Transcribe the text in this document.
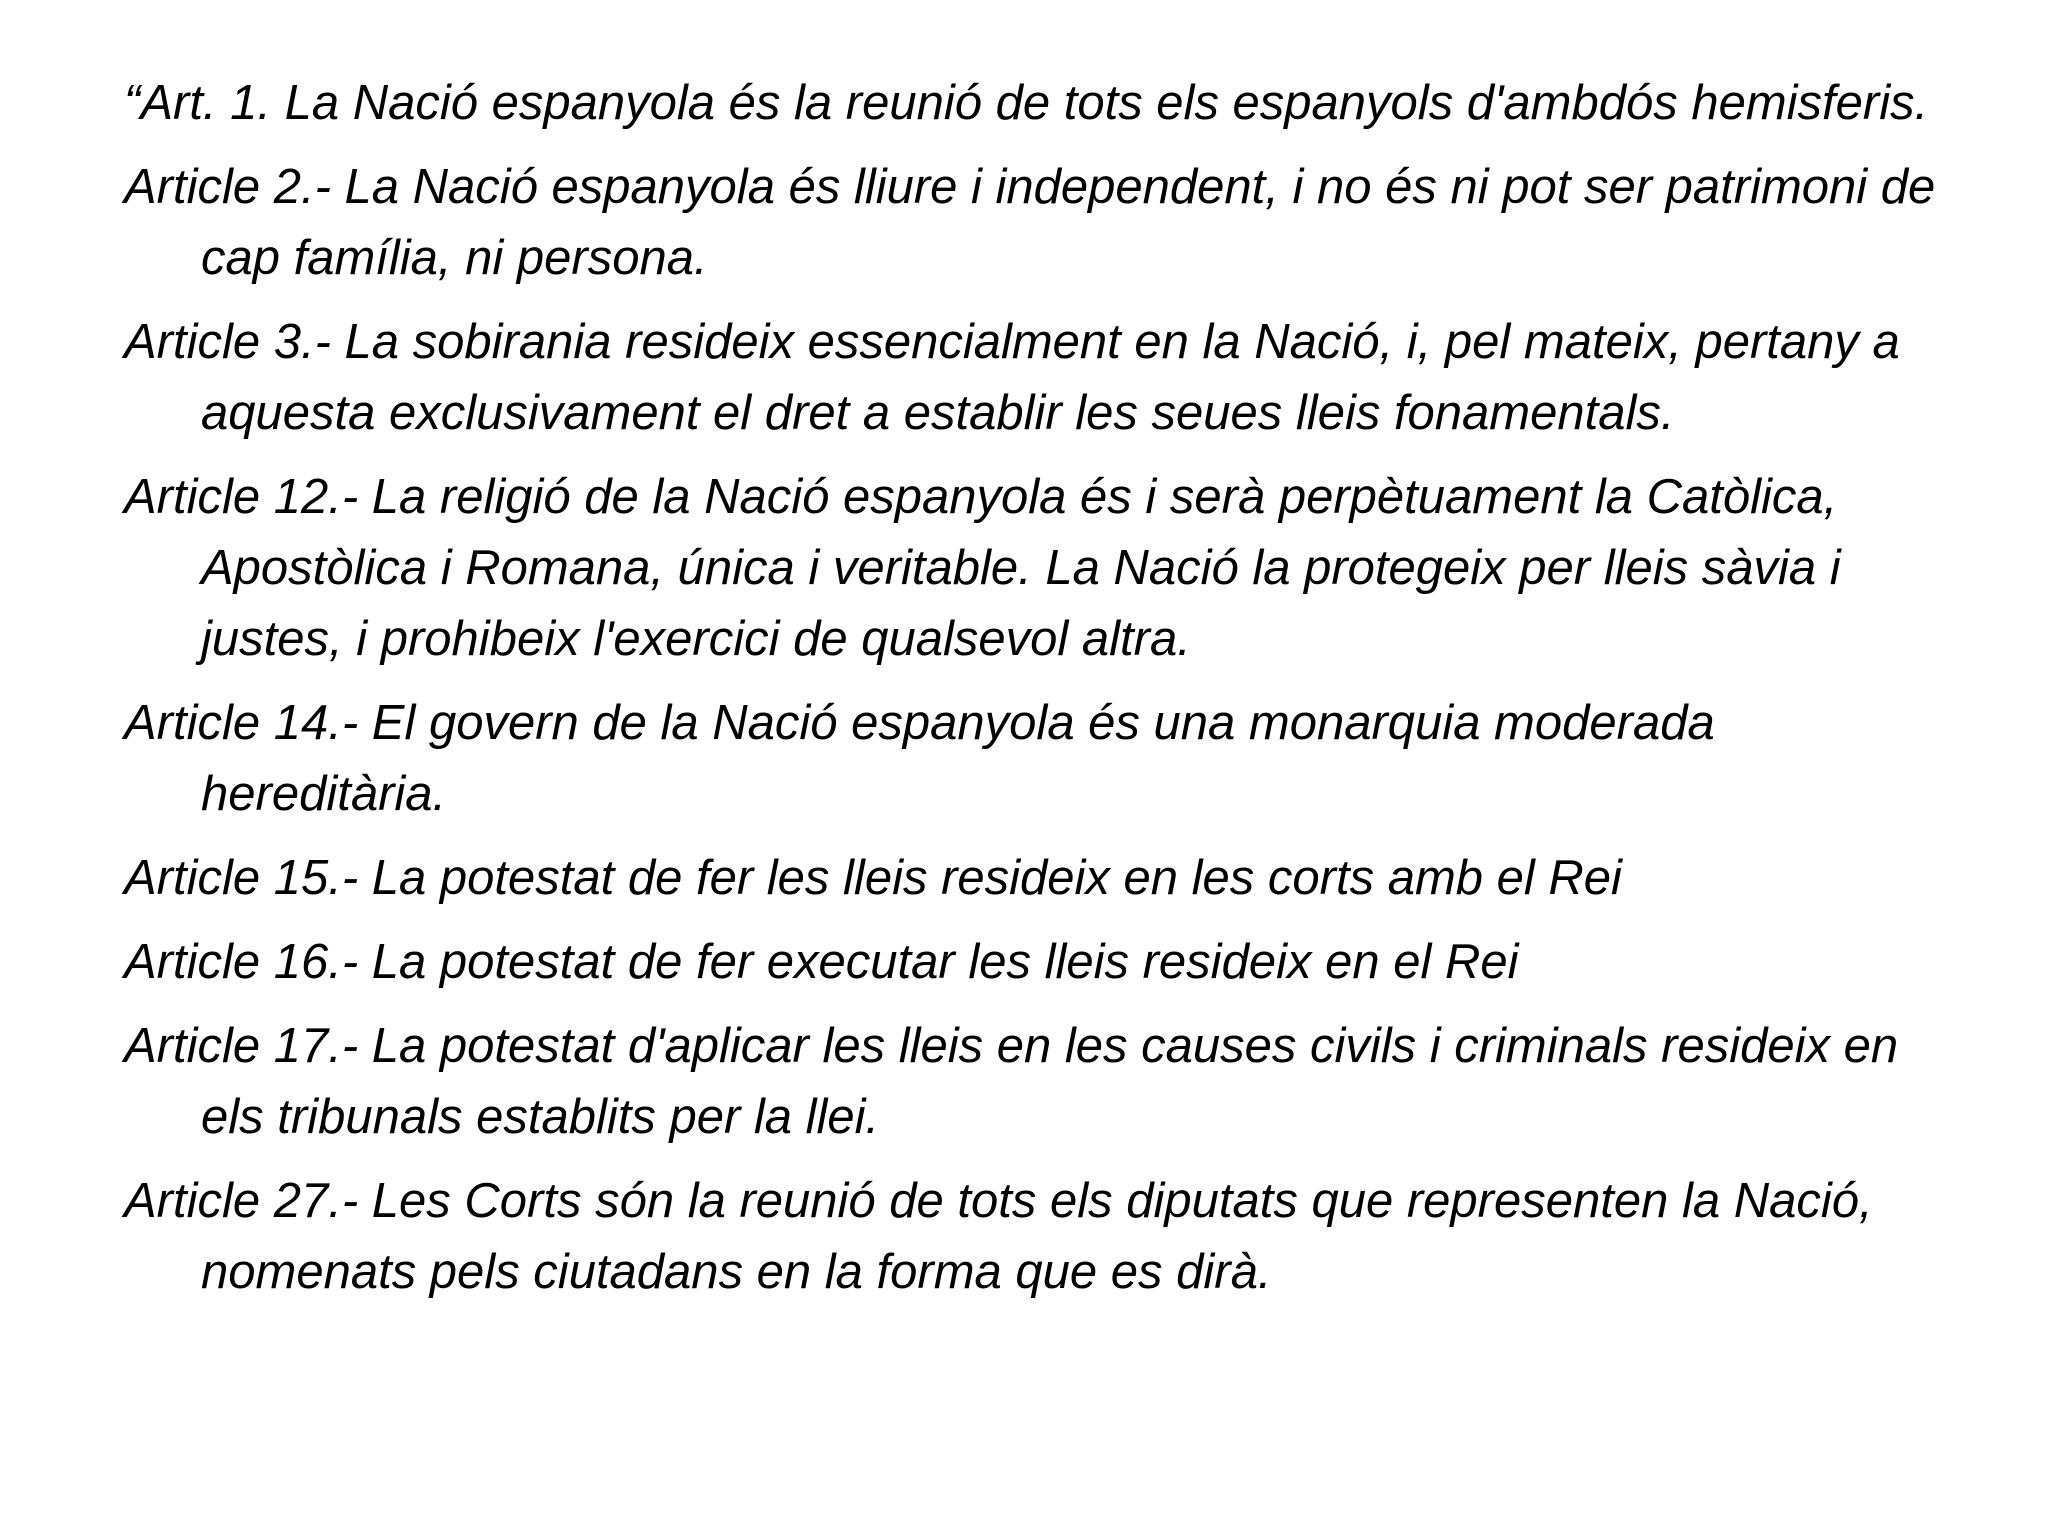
“Art. 1. La Nació espanyola és la reunió de tots els espanyols d'ambdós hemisferis.
Article 2.- La Nació espanyola és lliure i independent, i no és ni pot ser patrimoni de cap família, ni persona.
Article 3.- La sobirania resideix essencialment en la Nació, i, pel mateix, pertany a aquesta exclusivament el dret a establir les seues lleis fonamentals.
Article 12.- La religió de la Nació espanyola és i serà perpètuament la Catòlica, Apostòlica i Romana, única i veritable. La Nació la protegeix per lleis sàvia i justes, i prohibeix l'exercici de qualsevol altra.
Article 14.- El govern de la Nació espanyola és una monarquia moderada hereditària.
Article 15.- La potestat de fer les lleis resideix en les corts amb el Rei
Article 16.- La potestat de fer executar les lleis resideix en el Rei
Article 17.- La potestat d'aplicar les lleis en les causes civils i criminals resideix en els tribunals establits per la llei.
Article 27.- Les Corts són la reunió de tots els diputats que representen la Nació, nomenats pels ciutadans en la forma que es dirà.
